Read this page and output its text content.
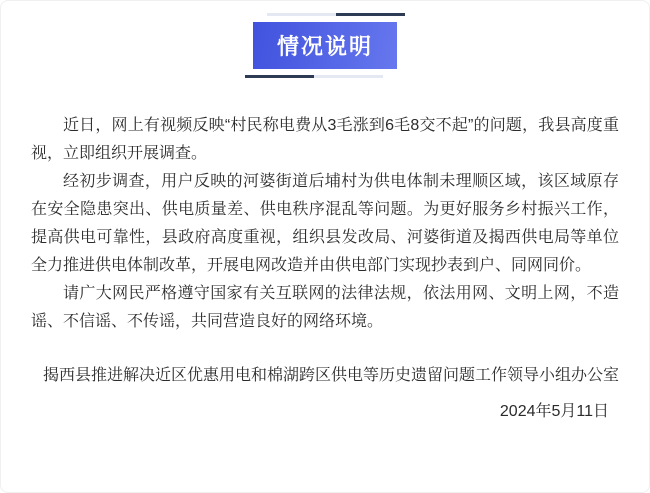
情况说明

近日，网上有视频反映“村民称电费从3毛涨到6毛8交不起”的问题，我县高度重视，立即组织开展调查。

经初步调查，用户反映的河婆街道后埔村为供电体制未理顺区域，该区域原存在安全隐患突出、供电质量差、供电秩序混乱等问题。为更好服务乡村振兴工作，提高供电可靠性，县政府高度重视，组织县发改局、河婆街道及揭西供电局等单位全力推进供电体制改革，开展电网改造并由供电部门实现抄表到户、同网同价。

请广大网民严格遵守国家有关互联网的法律法规，依法用网、文明上网，不造谣、不信谣、不传谣，共同营造良好的网络环境。

揭西县推进解决近区优惠用电和棉湖跨区供电等历史遗留问题工作领导小组办公室
2024年5月11日
